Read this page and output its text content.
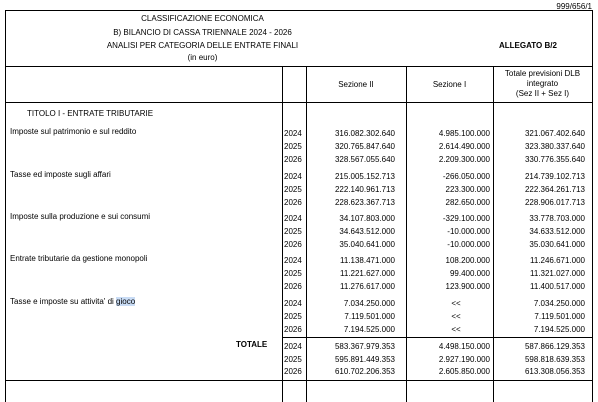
999/656/1
CLASSIFICAZIONE ECONOMICA
B) BILANCIO DI CASSA TRIENNALE 2024 - 2026
ANALISI PER CATEGORIA DELLE ENTRATE FINALI
(in euro)
ALLEGATO B/2
Sezione II	Sezione I
Totale previsioni DLB
integrato
(Sez II + Sez I)
TITOLO I - ENTRATE TRIBUTARIE
Imposte sul patrimonio e sul reddito	2024	316.082.302.640	4.985.100.000	321.067.402.640
2025	320.765.847.640	2.614.490.000	323.380.337.640
2026	328.567.055.640	2.209.300.000	330.776.355.640
Tasse ed imposte sugli affari	2024	215.005.152.713	-266.050.000	214.739.102.713
2025	222.140.961.713	223.300.000	222.364.261.713
2026	228.623.367.713	282.650.000	228.906.017.713
Imposte sulla produzione e sui consumi	2024	34.107.803.000	-329.100.000	33.778.703.000
2025	34.643.512.000	-10.000.000	34.633.512.000
2026	35.040.641.000	-10.000.000	35.030.641.000
Entrate tributarie da gestione monopoli	2024	11.138.471.000	108.200.000	11.246.671.000
2025	11.221.627.000	99.400.000	11.321.027.000
2026	11.276.617.000	123.900.000	11.400.517.000
Tasse e imposte su attivita' di gioco	2024	7.034.250.000	<<	7.034.250.000
2025	7.119.501.000	<<	7.119.501.000
2026	7.194.525.000	<<	7.194.525.000
TOTALE 2024	583.367.979.353	4.498.150.000	587.866.129.353
2025	595.891.449.353	2.927.190.000	598.818.639.353
2026	610.702.206.353	2.605.850.000	613.308.056.353
